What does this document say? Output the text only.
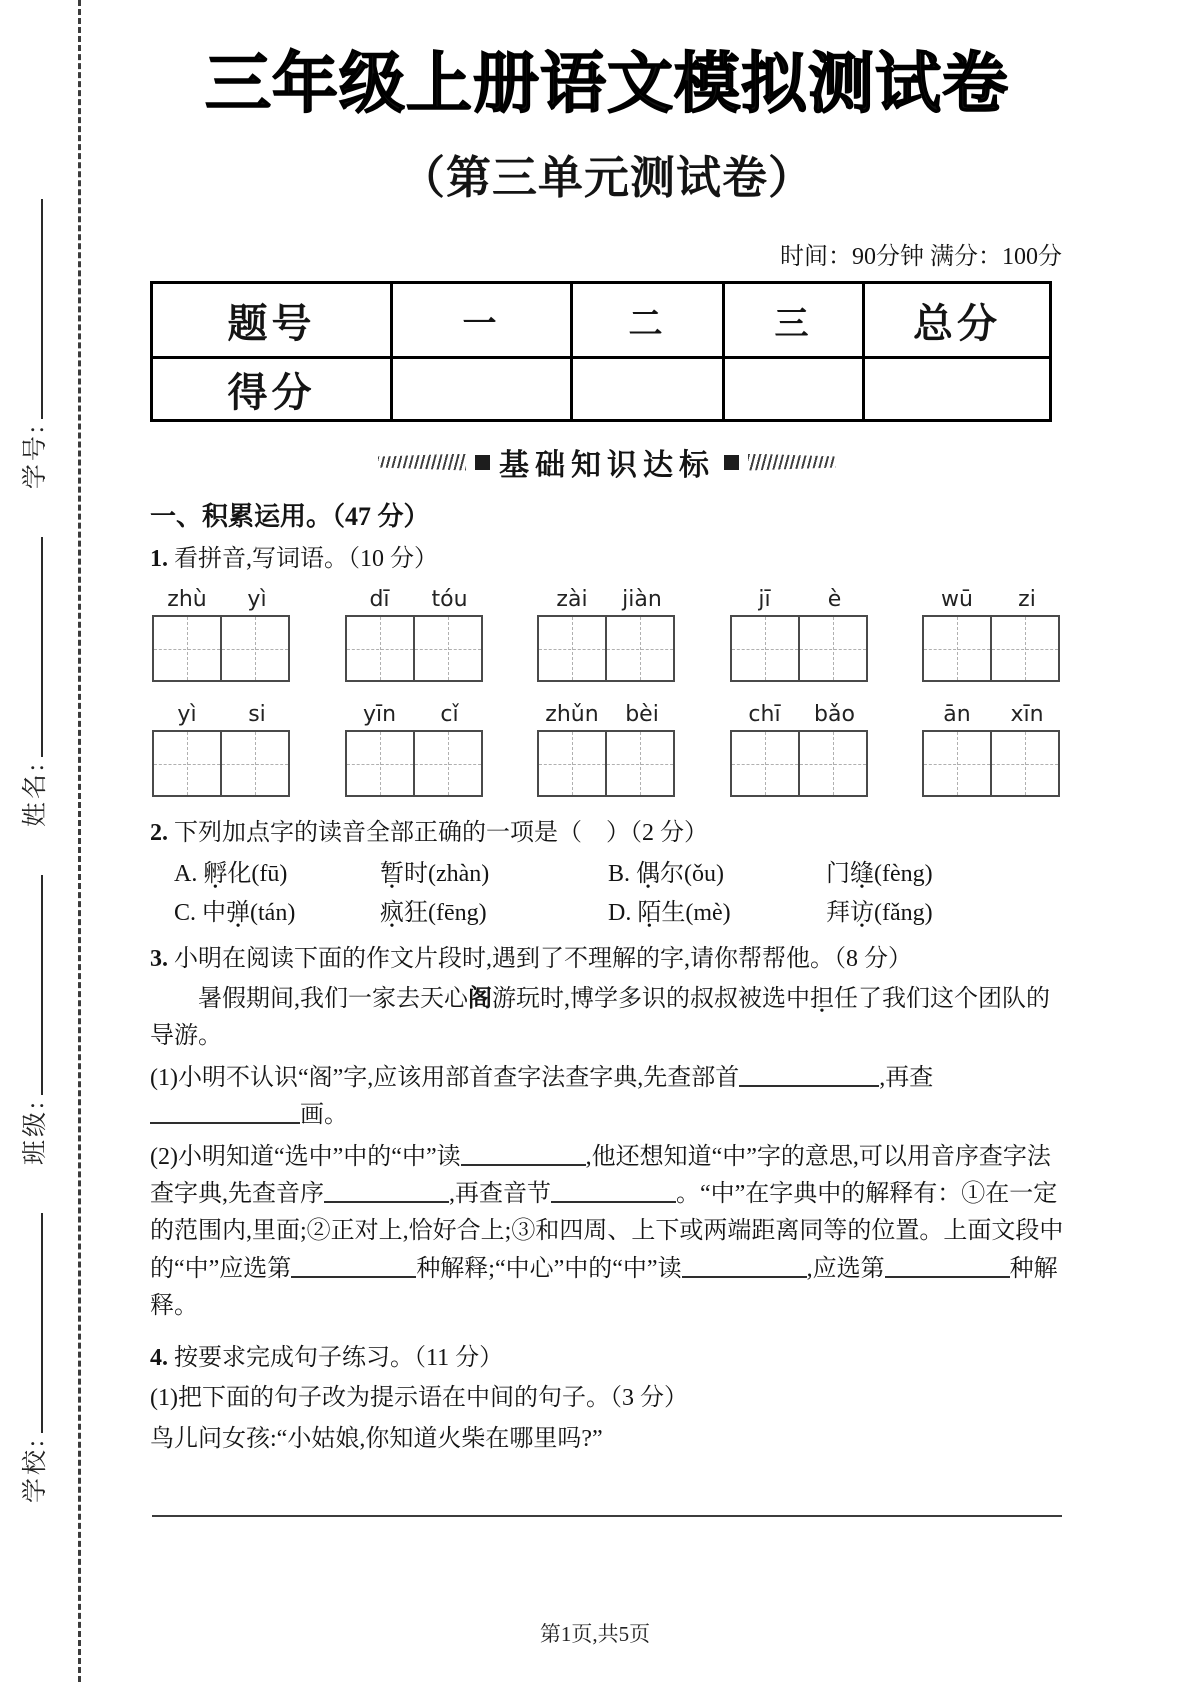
学校:
班级:
姓名:
学号:
三年级上册语文模拟测试卷
（第三单元测试卷）
时间：90分钟 满分：100分
题号	一	二	三	总分
得分				
基础知识达标
一、积累运用。（47 分）
1. 看拼音,写词语。（10 分）
zhù	yì	dī	tóu	zài	jiàn	jī	è	wū	zi
yì	si	yīn	cǐ	zhǔn	bèi	chī	bǎo	ān	xīn
2. 下列加点字的读音全部正确的一项是（　）（2 分）
A. 孵化(fū)	暂时(zhàn)	B. 偶尔(ǒu)	门缝(fèng)
C. 中弹(tán)	疯狂(fēng)	D. 陌生(mè)	拜访(fǎng)
3. 小明在阅读下面的作文片段时,遇到了不理解的字,请你帮帮他。（8 分）
暑假期间,我们一家去天心阁游玩时,博学多识的叔叔被选中担任了我们这个团队的导游。
(1)小明不认识“阁”字,应该用部首查字法查字典,先查部首	,再查画。
(2)小明知道“选中”中的“中”读	,他还想知道“中”字的意思,可以用音序查字法查字典,先查音序	,再查音节	。“中”在字典中的解释有：①在一定的范围内,里面;②正对上,恰好合上;③和四周、上下或两端距离同等的位置。上面文段中的“中”应选第	种解释;“中心”中的“中”读	,应选第	种解释。
4. 按要求完成句子练习。（11 分）
(1)把下面的句子改为提示语在中间的句子。（3 分）
鸟儿问女孩:“小姑娘,你知道火柴在哪里吗?”
第1页,共5页
